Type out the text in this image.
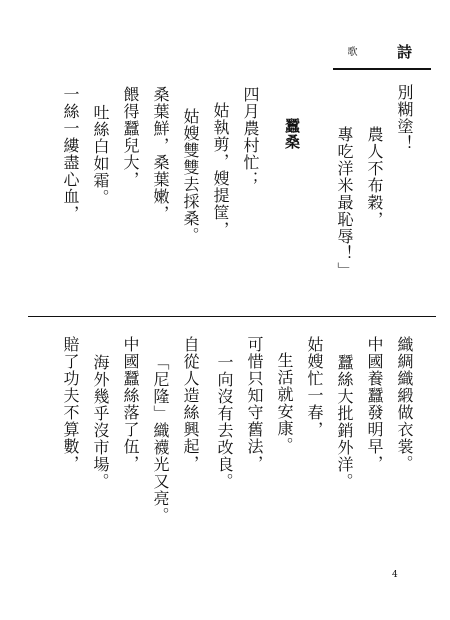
歌	詩
別糊塗！
農人不布穀，
專吃洋米最恥辱！」
蠶桑
四月農村忙；
姑執剪，嫂提筐，
姑嫂雙雙去採桑。
桑葉鮮，桑葉嫩，
餵得蠶兒大，
吐絲白如霜。
一絲一縷盡心血，
織綢織緞做衣裳。
中國養蠶發明早，
蠶絲大批銷外洋。
姑嫂忙一春，
生活就安康。
可惜只知守舊法，
一向沒有去改良。
自從人造絲興起，
「尼隆」織襪光又亮。
中國蠶絲落了伍，
海外幾乎沒市場。
賠了功夫不算數，
4
